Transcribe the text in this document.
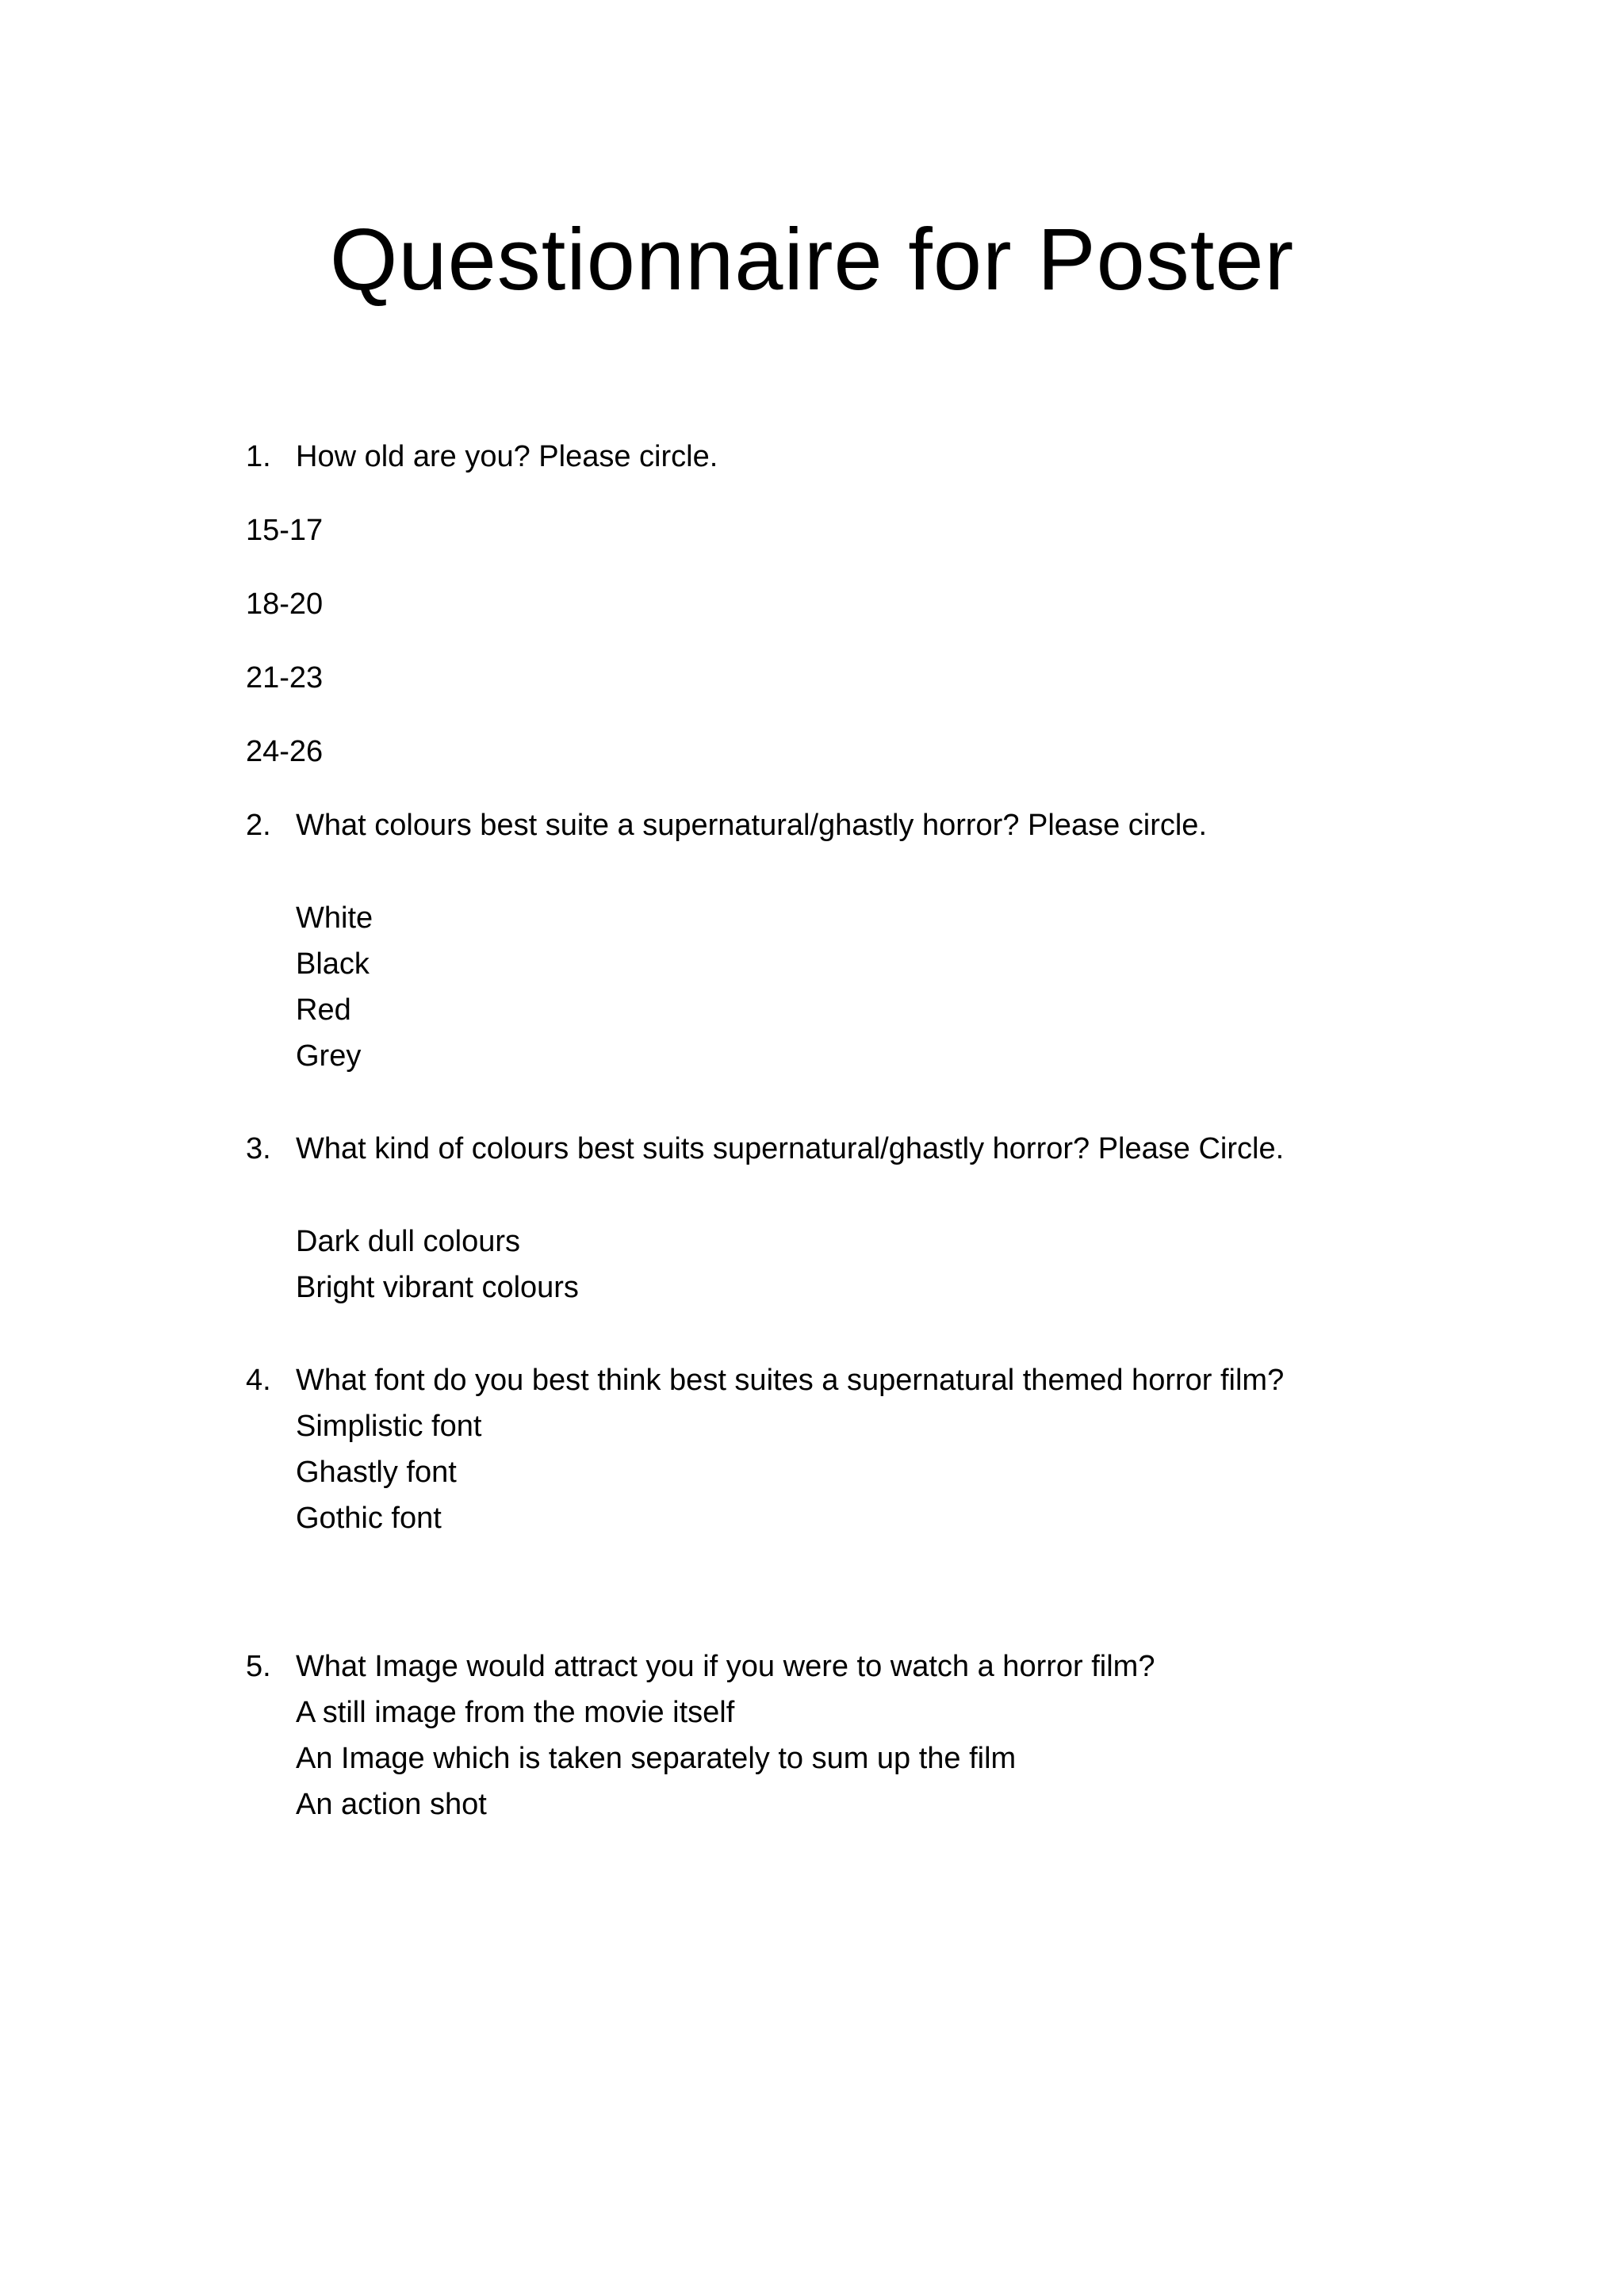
Questionnaire for Poster
1. How old are you? Please circle.
15-17
18-20
21-23
24-26
2. What colours best suite a supernatural/ghastly horror? Please circle.
White
Black
Red
Grey
3. What kind of colours best suits supernatural/ghastly horror? Please Circle.
Dark dull colours
Bright vibrant colours
4. What font do you best think best suites a supernatural themed horror film?
Simplistic font
Ghastly font
Gothic font
5. What Image would attract you if you were to watch a horror film?
A still image from the movie itself
An Image which is taken separately to sum up the film
An action shot
